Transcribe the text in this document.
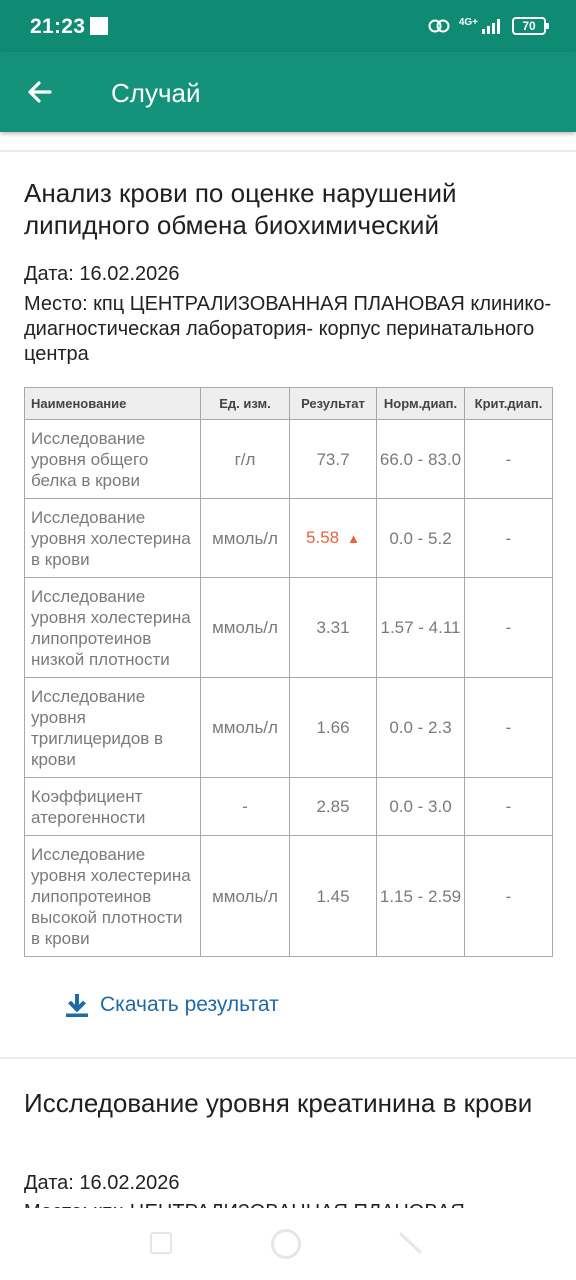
21:23	4G+	70
Случай
Анализ крови по оценке нарушений липидного обмена биохимический
Дата: 16.02.2026
Место: кпц ЦЕНТРАЛИЗОВАННАЯ ПЛАНОВАЯ клинико-диагностическая лаборатория- корпус перинатального центра
Наименование	Ед. изм.	Результат	Норм.диап.	Крит.диап.
Исследование уровня общего белка в крови	г/л	73.7	66.0 - 83.0	-
Исследование уровня холестерина в крови	ммоль/л	5.58 ▲	0.0 - 5.2	-
Исследование уровня холестерина липопротеинов низкой плотности	ммоль/л	3.31	1.57 - 4.11	-
Исследование уровня триглицеридов в крови	ммоль/л	1.66	0.0 - 2.3	-
Коэффициент атерогенности	-	2.85	0.0 - 3.0	-
Исследование уровня холестерина липопротеинов высокой плотности в крови	ммоль/л	1.45	1.15 - 2.59	-
Скачать результат
Исследование уровня креатинина в крови
Дата: 16.02.2026
